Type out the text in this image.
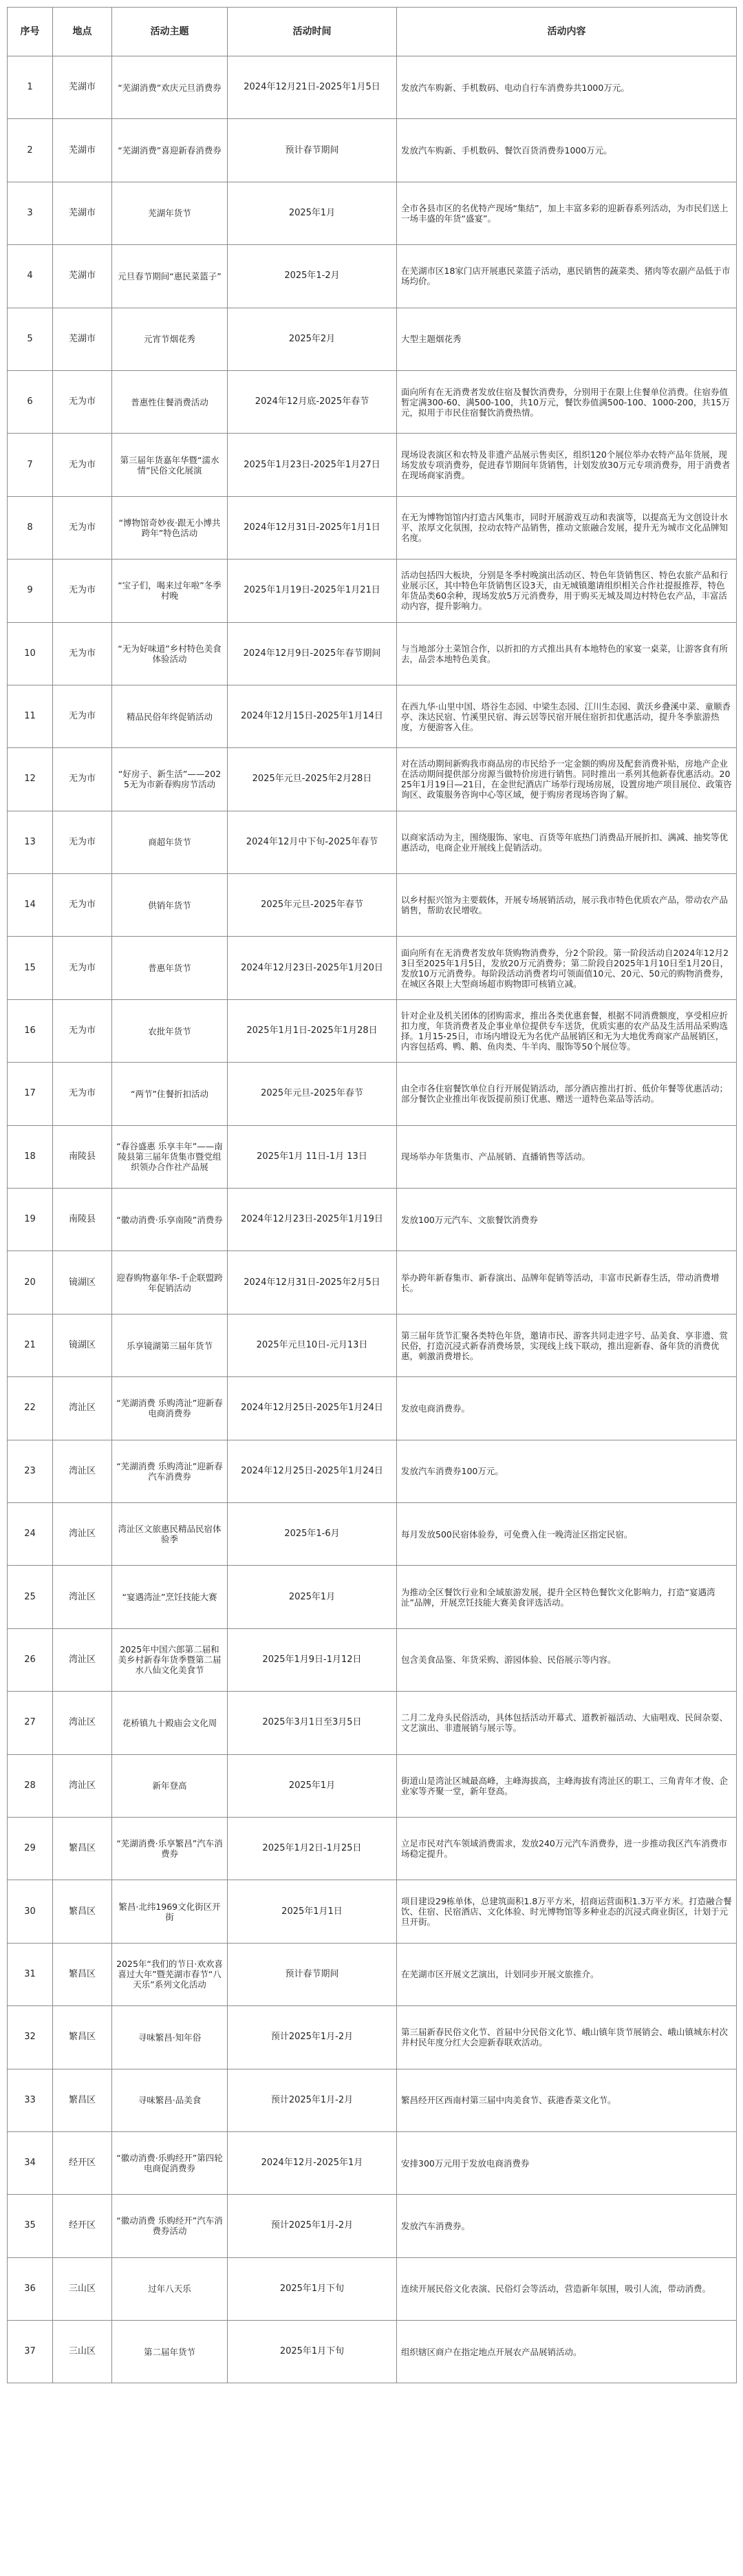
序号	地点	活动主题	活动时间	活动内容
1	芜湖市	“芜湖消费”欢庆元旦消费券	2024年12月21日-2025年1月5日	发放汽车购新、手机数码、电动自行车消费券共1000万元。
2	芜湖市	“芜湖消费”喜迎新春消费券	预计春节期间	发放汽车购新、手机数码、餐饮百货消费券1000万元。
3	芜湖市	芜湖年货节	2025年1月	全市各县市区的名优特产现场“集结”，加上丰富多彩的迎新春系列活动，为市民们送上一场丰盛的年货“盛宴”。
4	芜湖市	元旦春节期间“惠民菜篮子”	2025年1-2月	在芜湖市区18家门店开展惠民菜篮子活动，惠民销售的蔬菜类、猪肉等农副产品低于市场均价。
5	芜湖市	元宵节烟花秀	2025年2月	大型主题烟花秀
6	无为市	普惠性住餐消费活动	2024年12月底-2025年春节	面向所有在无消费者发放住宿及餐饮消费券，分别用于在限上住餐单位消费。住宿券值暂定满300-60、满500-100，共10万元，餐饮券值满500-100、1000-200，共15万元，拟用于市民住宿餐饮消费热情。
7	无为市	第三届年货嘉年华暨“濡水情”民俗文化展演	2025年1月23日-2025年1月27日	现场设表演区和农特及非遗产品展示售卖区，组织120个展位举办农特产品年货展，现场发放专项消费券，促进春节期间年货销售，计划发放30万元专项消费券，用于消费者在现场商家消费。
8	无为市	“博物馆奇妙夜·跟无小博共跨年”特色活动	2024年12月31日-2025年1月1日	在无为博物馆馆内打造古风集市，同时开展游戏互动和表演等，以提高无为文创设计水平、浓厚文化氛围，拉动农特产品销售，推动文旅融合发展，提升无为城市文化品牌知名度。
9	无为市	“宝子们，喝来过年啦”冬季村晚	2025年1月19日-2025年1月21日	活动包括四大板块，分别是冬季村晚演出活动区、特色年货销售区、特色农旅产品和行业展示区，其中特色年货销售区设3天，由无城镇邀请组织相关合作社提报推荐，特色年货品类60余种，现场发放5万元消费券，用于购买无城及周边村特色农产品，丰富活动内容，提升影响力。
10	无为市	“无为好味道”乡村特色美食体验活动	2024年12月9日-2025年春节期间	与当地部分土菜馆合作，以折扣的方式推出具有本地特色的家宴一桌菜，让游客食有所去，品尝本地特色美食。
11	无为市	精品民俗年终促销活动	2024年12月15日-2025年1月14日	在西九华·山里中国、塔谷生态园、中梁生态园、江川生态园、黄沃乡叠溪中菜、童顺香亭、洙达民宿、竹溪里民宿、海云居等民宿开展住宿折扣优惠活动，提升冬季旅游热度，方便游客入住。
12	无为市	“好房子、新生活”——2025无为市新春购房节活动	2025年元旦-2025年2月28日	对在活动期间新购我市商品房的市民给予一定金额的购房及配套消费补贴，房地产企业在活动期间提供部分房源当做特价房进行销售。同时推出一系列其他新春优惠活动。2025年1月19日—21日，在金世纪酒店广场举行现场房展，设置房地产项目展位、政策咨询区、政策服务咨询中心等区域，便于购房者现场咨询了解。
13	无为市	商超年货节	2024年12月中下旬-2025年春节	以商家活动为主，围绕服饰、家电、百货等年底热门消费品开展折扣、满减、抽奖等优惠活动，电商企业开展线上促销活动。
14	无为市	供销年货节	2025年元旦-2025年春节	以乡村振兴馆为主要载体，开展专场展销活动，展示我市特色优质农产品，带动农产品销售，帮助农民增收。
15	无为市	普惠年货节	2024年12月23日-2025年1月20日	面向所有在无消费者发放年货购物消费券，分2个阶段。第一阶段活动自2024年12月23日至2025年1月5日，发放20万元消费券；第二阶段自2025年1月10日至1月20日，发放10万元消费券。每阶段活动消费者均可领面值10元、20元、50元的购物消费券，在城区各限上大型商场超市购物即可核销立减。
16	无为市	农批年货节	2025年1月1日-2025年1月28日	针对企业及机关团体的团购需求，推出各类优惠套餐，根据不同消费额度，享受相应折扣力度，年货消费者及企事业单位提供专车送货，优质实惠的农产品及生活用品采购选择。1月15-25日，市场内增设无为名优产品展销区和无为大地优秀商家产品展销区，内容包括鸡、鸭、鹅、鱼肉类、牛羊肉、服饰等50个展位等。
17	无为市	“两节”住餐折扣活动	2025年元旦-2025年春节	由全市各住宿餐饮单位自行开展促销活动，部分酒店推出打折、低价年餐等优惠活动；部分餐饮企业推出年夜饭提前预订优惠、赠送一道特色菜品等活动。
18	南陵县	“春谷盛惠 乐享丰年”——南陵县第三届年货集市暨党组织领办合作社产品展	2025年1月 11日-1月 13日	现场举办年货集市、产品展销、直播销售等活动。
19	南陵县	“徽动消费·乐享南陵”消费券	2024年12月23日-2025年1月19日	发放100万元汽车、文旅餐饮消费券
20	镜湖区	迎春购物嘉年华-千企联盟跨年促销活动	2024年12月31日-2025年2月5日	举办跨年新春集市、新春演出、品牌年促销等活动，丰富市民新春生活，带动消费增长。
21	镜湖区	乐享镜湖第三届年货节	2025年元旦10日-元月13日	第三届年货节汇聚各类特色年货，邀请市民、游客共同走进字号、品美食、享非遗、赏民俗，打造沉浸式新春消费场景，实现线上线下联动，推出迎新春、备年货的消费优惠，刺激消费增长。
22	湾沚区	“芜湖消费 乐购湾沚”迎新春电商消费券	2024年12月25日-2025年1月24日	发放电商消费券。
23	湾沚区	“芜湖消费 乐购湾沚”迎新春汽车消费券	2024年12月25日-2025年1月24日	发放汽车消费券100万元。
24	湾沚区	湾沚区文旅惠民精品民宿体验季	2025年1-6月	每月发放500民宿体验券，可免费入住一晚湾沚区指定民宿。
25	湾沚区	“宴遇湾沚”烹饪技能大赛	2025年1月	为推动全区餐饮行业和全域旅游发展，提升全区特色餐饮文化影响力，打造“宴遇湾沚”品牌，开展烹饪技能大赛美食评选活动。
26	湾沚区	2025年中国六郎第二届和美乡村新春年货季暨第二届水八仙文化美食节	2025年1月9日-1月12日	包含美食品鉴、年货采购、游园体验、民俗展示等内容。
27	湾沚区	花桥镇九十殿庙会文化周	2025年3月1日至3月5日	二月二龙舟头民俗活动，具体包括活动开幕式、道教祈福活动、大庙唱戏、民间杂耍、文艺演出、非遗展销与展示等。
28	湾沚区	新年登高	2025年1月	街道山是湾沚区城最高峰，主峰海拔高，主峰海拔有湾沚区的职工、三角青年才俊、企业家等齐聚一堂，新年登高。
29	繁昌区	“芜湖消费·乐享繁昌”汽车消费券	2025年1月2日-1月25日	立足市民对汽车领域消费需求，发放240万元汽车消费券，进一步推动我区汽车消费市场稳定提升。
30	繁昌区	繁昌·北纬1969文化街区开街	2025年1月1日	项目建设29栋单体，总建筑面积1.8万平方米，招商运营面积1.3万平方米。打造融合餐饮、住宿、民宿酒店、文化体验、时光博物馆等多种业态的沉浸式商业街区，计划于元旦开街。
31	繁昌区	2025年“我们的节日·欢欢喜喜过大年”暨芜湖市春节“八天乐”系列文化活动	预计春节期间	在芜湖市区开展文艺演出，计划同步开展文旅推介。
32	繁昌区	寻味繁昌·知年俗	预计2025年1月-2月	第三届新春民俗文化节、首届中分民俗文化节、峨山镇年货节展销会、峨山镇城东村次井村民年度分红大会迎新春联欢活动。
33	繁昌区	寻味繁昌·品美食	预计2025年1月-2月	繁昌经开区西南村第三届中肉美食节、荻港香菜文化节。
34	经开区	“徽动消费·乐购经开”第四轮电商促消费券	2024年12月-2025年1月	安排300万元用于发放电商消费券
35	经开区	“徽动消费 乐购经开”汽车消费券活动	预计2025年1月-2月	发放汽车消费券。
36	三山区	过年八天乐	2025年1月下旬	连续开展民俗文化表演、民俗灯会等活动，营造新年氛围，吸引人流，带动消费。
37	三山区	第二届年货节	2025年1月下旬	组织辖区商户在指定地点开展农产品展销活动。
